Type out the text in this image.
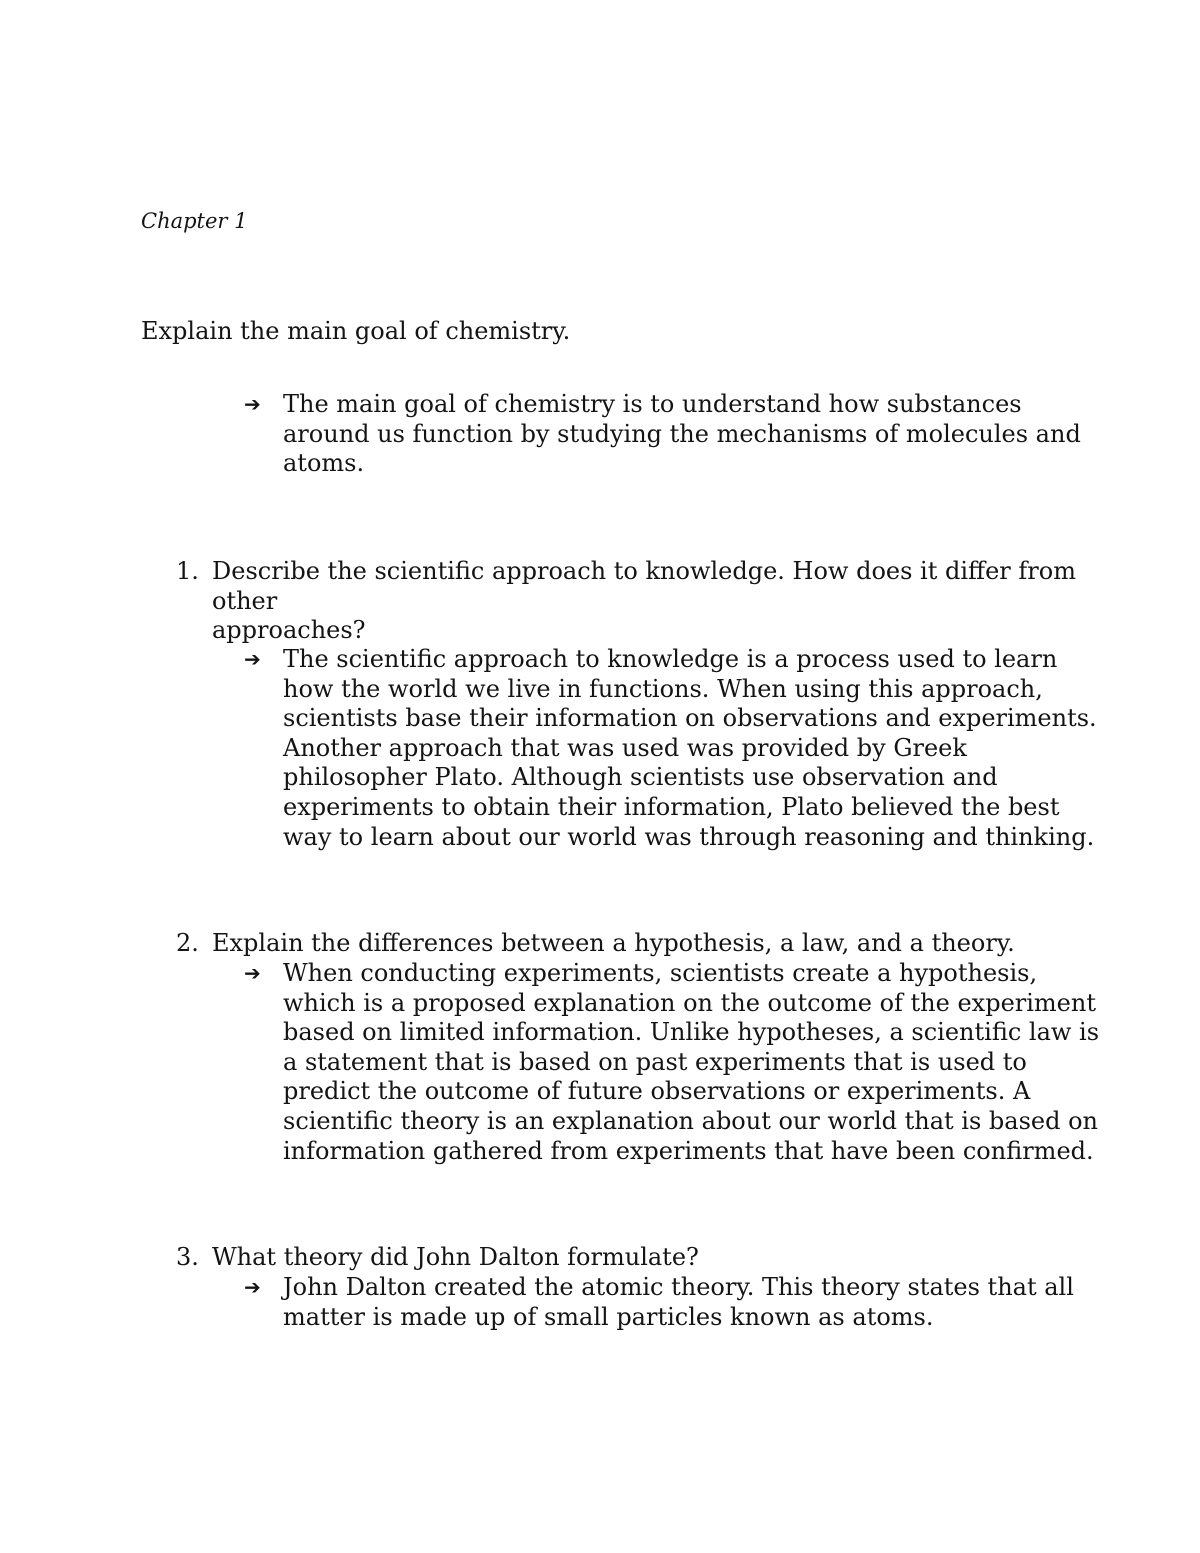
Chapter 1
Explain the main goal of chemistry.
➔ The main goal of chemistry is to understand how substances
around us function by studying the mechanisms of molecules and
atoms.
1. Describe the scientific approach to knowledge. How does it differ from
other
approaches?
➔ The scientific approach to knowledge is a process used to learn
how the world we live in functions. When using this approach,
scientists base their information on observations and experiments.
Another approach that was used was provided by Greek
philosopher Plato. Although scientists use observation and
experiments to obtain their information, Plato believed the best
way to learn about our world was through reasoning and thinking.
2. Explain the differences between a hypothesis, a law, and a theory.
➔ When conducting experiments, scientists create a hypothesis,
which is a proposed explanation on the outcome of the experiment
based on limited information. Unlike hypotheses, a scientific law is
a statement that is based on past experiments that is used to
predict the outcome of future observations or experiments. A
scientific theory is an explanation about our world that is based on
information gathered from experiments that have been confirmed.
3. What theory did John Dalton formulate?
➔ John Dalton created the atomic theory. This theory states that all
matter is made up of small particles known as atoms.
